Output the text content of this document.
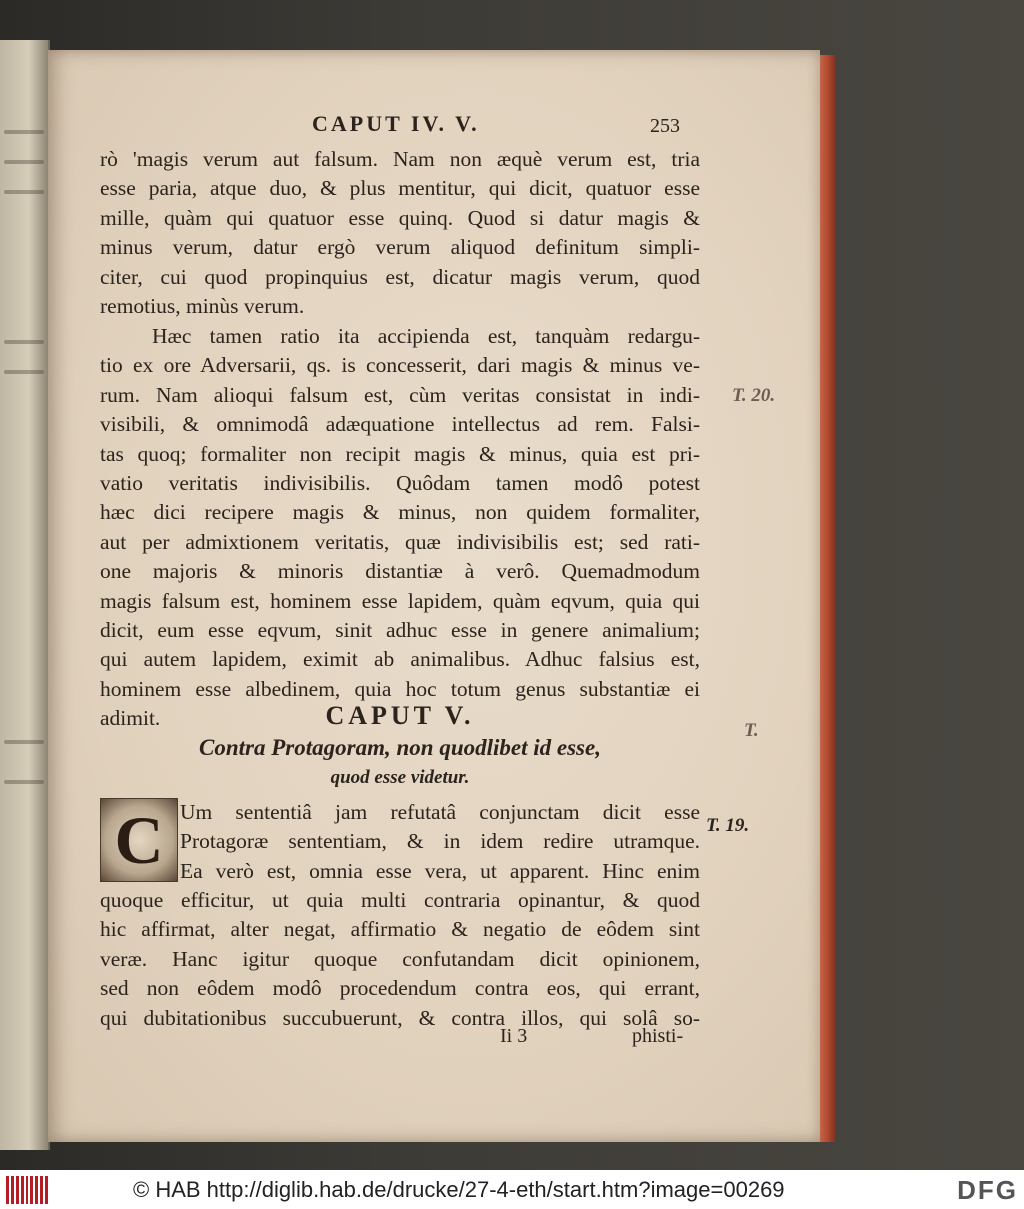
CAPUT IV. V.	253
rò 'magis verum aut falsum. Nam non æquè verum est, tria
esse paria, atque duo, & plus mentitur, qui dicit, quatuor esse
mille, quàm qui quatuor esse quinq. Quod si datur magis &
minus verum, datur ergò verum aliquod definitum simpli-
citer, cui quod propinquius est, dicatur magis verum, quod
remotius, minùs verum.
Hæc tamen ratio ita accipienda est, tanquàm redargu-
tio ex ore Adversarii, qs. is concesserit, dari magis & minus ve-
rum. Nam alioqui falsum est, cùm veritas consistat in indi-
visibili, & omnimodâ adæquatione intellectus ad rem. Falsi-
tas quoq; formaliter non recipit magis & minus, quia est pri-
vatio veritatis indivisibilis. Quôdam tamen modô potest
hæc dici recipere magis & minus, non quidem formaliter,
aut per admixtionem veritatis, quæ indivisibilis est; sed rati-
one majoris & minoris distantiæ à verô. Quemadmodum
magis falsum est, hominem esse lapidem, quàm eqvum, quia qui
dicit, eum esse eqvum, sinit adhuc esse in genere animalium;
qui autem lapidem, eximit ab animalibus. Adhuc falsius est,
hominem esse albedinem, quia hoc totum genus substantiæ ei
adimit.	CAPUT V.
Contra Protagoram, non quodlibet id esse,
quod esse videtur.
C Um sententiâ jam refutatâ conjunctam dicit esse
Protagoræ sententiam, & in idem redire utramque.
Ea verò est, omnia esse vera, ut apparent. Hinc enim
quoque efficitur, ut quia multi contraria opinantur, & quod
hic affirmat, alter negat, affirmatio & negatio de eôdem sint
veræ. Hanc igitur quoque confutandam dicit opinionem,
sed non eôdem modô procedendum contra eos, qui errant,
qui dubitationibus succubuerunt, & contra illos, qui solâ so-
Ii 3	phisti-
T. 20.
T.
T. 19.
© HAB http://diglib.hab.de/drucke/27-4-eth/start.htm?image=00269	DFG
